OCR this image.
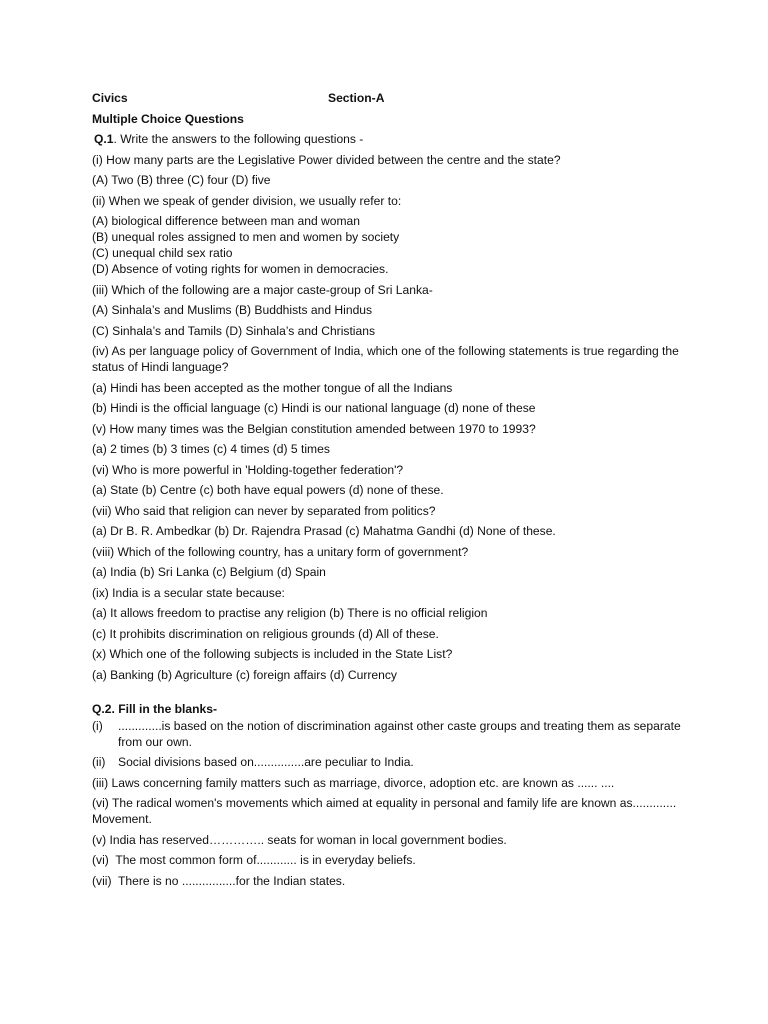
Civics	Section-A
Multiple Choice Questions
Q.1. Write the answers to the following questions -
(i) How many parts are the Legislative Power divided between the centre and the state?
(A) Two (B) three (C) four (D) five
(ii) When we speak of gender division, we usually refer to:
(A) biological difference between man and woman
(B) unequal roles assigned to men and women by society
(C) unequal child sex ratio
(D) Absence of voting rights for women in democracies.
(iii) Which of the following are a major caste-group of Sri Lanka-
(A) Sinhala’s and Muslims (B) Buddhists and Hindus
(C) Sinhala’s and Tamils (D) Sinhala’s and Christians
(iv) As per language policy of Government of India, which one of the following statements is true regarding the status of Hindi language?
(a) Hindi has been accepted as the mother tongue of all the Indians
(b) Hindi is the official language (c) Hindi is our national language (d) none of these
(v) How many times was the Belgian constitution amended between 1970 to 1993?
(a) 2 times (b) 3 times (c) 4 times (d) 5 times
(vi) Who is more powerful in 'Holding-together federation'?
(a) State (b) Centre (c) both have equal powers (d) none of these.
(vii) Who said that religion can never by separated from politics?
(a) Dr B. R. Ambedkar (b) Dr. Rajendra Prasad (c) Mahatma Gandhi (d) None of these.
(viii) Which of the following country, has a unitary form of government?
(a) India (b) Sri Lanka (c) Belgium (d) Spain
(ix) India is a secular state because:
(a) It allows freedom to practise any religion (b) There is no official religion
(c) It prohibits discrimination on religious grounds (d) All of these.
(x) Which one of the following subjects is included in the State List?
(a) Banking (b) Agriculture (c) foreign affairs (d) Currency
Q.2. Fill in the blanks-
(i)	.............is based on the notion of discrimination against other caste groups and treating them as separate from our own.
(ii)	Social divisions based on...............are peculiar to India.
(iii) Laws concerning family matters such as marriage, divorce, adoption etc. are known as ...... ....
(vi) The radical women's movements which aimed at equality in personal and family life are known as............. Movement.
(v) India has reserved………….. seats for woman in local government bodies.
(vi) The most common form of............ is in everyday beliefs.
(vii) There is no ................for the Indian states.
